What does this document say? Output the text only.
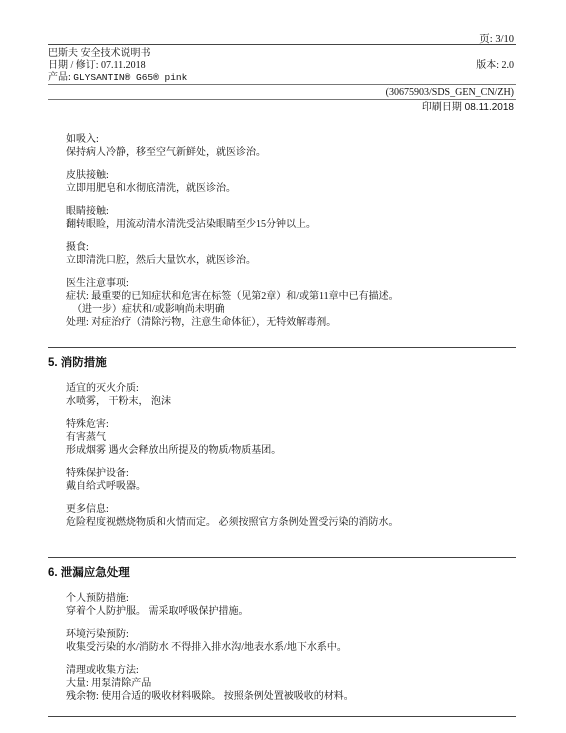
页: 3/10
巴斯夫 安全技术说明书
日期 / 修订: 07.11.2018	版本: 2.0
产品: GLYSANTIN® G65® pink
(30675903/SDS_GEN_CN/ZH)
印刷日期 08.11.2018

如吸入:

保持病人冷静，移至空气新鲜处，就医诊治。

皮肤接触:

立即用肥皂和水彻底清洗，就医诊治。

眼睛接触:

翻转眼睑，用流动清水清洗受沾染眼睛至少15分钟以上。

摄食:

立即清洗口腔，然后大量饮水，就医诊治。

医生注意事项:

症状: 最重要的已知症状和危害在标签（见第2章）和/或第11章中已有描述。

（进一步）症状和/或影响尚未明确

处理: 对症治疗（清除污物，注意生命体征），无特效解毒剂。

5. 消防措施

适宜的灭火介质:

水喷雾， 干粉末， 泡沫

特殊危害:

有害蒸气

形成烟雾 遇火会释放出所提及的物质/物质基团。

特殊保护设备:

戴自给式呼吸器。

更多信息:

危险程度视燃烧物质和火情而定。 必须按照官方条例处置受污染的消防水。

6. 泄漏应急处理

个人预防措施:

穿着个人防护服。 需采取呼吸保护措施。

环境污染预防:

收集受污染的水/消防水 不得排入排水沟/地表水系/地下水系中。

清理或收集方法:

大量: 用泵清除产品

残余物: 使用合适的吸收材料吸除。 按照条例处置被吸收的材料。
